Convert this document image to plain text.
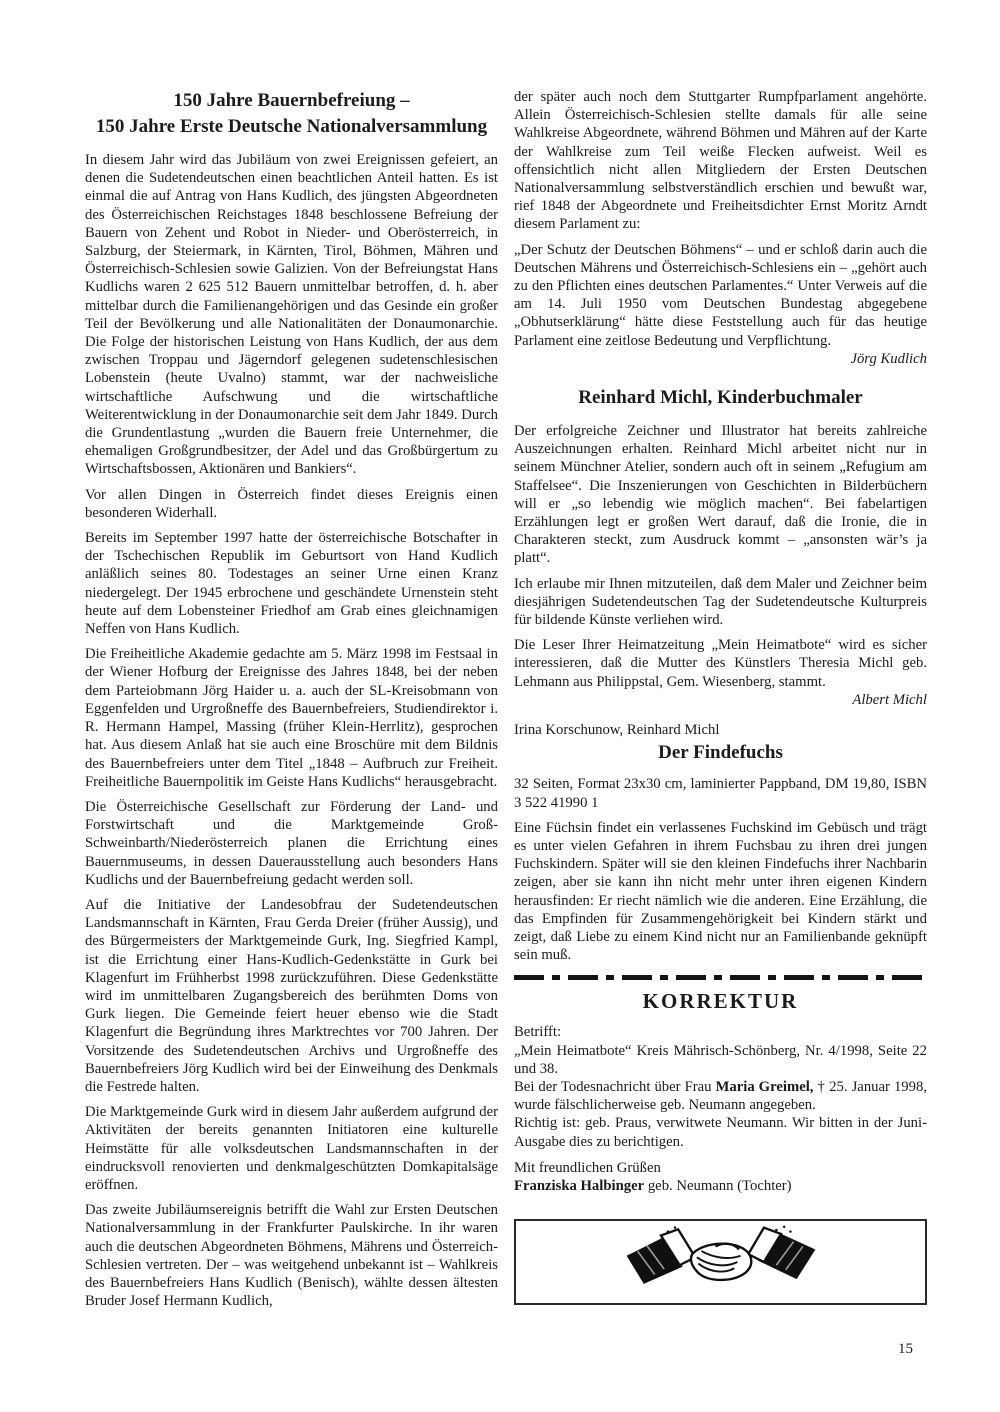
150 Jahre Bauernbefreiung –
150 Jahre Erste Deutsche Nationalversammlung

In diesem Jahr wird das Jubiläum von zwei Ereignissen gefeiert, an denen die Sudetendeutschen einen beachtlichen Anteil hatten. Es ist einmal die auf Antrag von Hans Kudlich, des jüngsten Abgeordneten des Österreichischen Reichstages 1848 beschlossene Befreiung der Bauern von Zehent und Robot in Nieder- und Oberösterreich, in Salzburg, der Steiermark, in Kärnten, Tirol, Böhmen, Mähren und Österreichisch-Schlesien sowie Galizien. Von der Befreiungstat Hans Kudlichs waren 2 625 512 Bauern unmittelbar betroffen, d. h. aber mittelbar durch die Familienangehörigen und das Gesinde ein großer Teil der Bevölkerung und alle Nationalitäten der Donaumonarchie. Die Folge der historischen Leistung von Hans Kudlich, der aus dem zwischen Troppau und Jägerndorf gelegenen sudetenschlesischen Lobenstein (heute Uvalno) stammt, war der nachweisliche wirtschaftliche Aufschwung und die wirtschaftliche Weiterentwicklung in der Donaumonarchie seit dem Jahr 1849. Durch die Grundentlastung „wurden die Bauern freie Unternehmer, die ehemaligen Großgrundbesitzer, der Adel und das Großbürgertum zu Wirtschaftsbossen, Aktionären und Bankiers“.

Vor allen Dingen in Österreich findet dieses Ereignis einen besonderen Widerhall.

Bereits im September 1997 hatte der österreichische Botschafter in der Tschechischen Republik im Geburtsort von Hand Kudlich anläßlich seines 80. Todestages an seiner Urne einen Kranz niedergelegt. Der 1945 erbrochene und geschändete Urnenstein steht heute auf dem Lobensteiner Friedhof am Grab eines gleichnamigen Neffen von Hans Kudlich.

Die Freiheitliche Akademie gedachte am 5. März 1998 im Festsaal in der Wiener Hofburg der Ereignisse des Jahres 1848, bei der neben dem Parteiobmann Jörg Haider u. a. auch der SL-Kreisobmann von Eggenfelden und Urgroßneffe des Bauernbefreiers, Studiendirektor i. R. Hermann Hampel, Massing (früher Klein-Herrlitz), gesprochen hat. Aus diesem Anlaß hat sie auch eine Broschüre mit dem Bildnis des Bauernbefreiers unter dem Titel „1848 – Aufbruch zur Freiheit. Freiheitliche Bauernpolitik im Geiste Hans Kudlichs“ herausgebracht.

Die Österreichische Gesellschaft zur Förderung der Land- und Forstwirtschaft und die Marktgemeinde Groß-Schweinbarth/Niederösterreich planen die Errichtung eines Bauernmuseums, in dessen Dauerausstellung auch besonders Hans Kudlichs und der Bauernbefreiung gedacht werden soll.

Auf die Initiative der Landesobfrau der Sudetendeutschen Landsmannschaft in Kärnten, Frau Gerda Dreier (früher Aussig), und des Bürgermeisters der Marktgemeinde Gurk, Ing. Siegfried Kampl, ist die Errichtung einer Hans-Kudlich-Gedenkstätte in Gurk bei Klagenfurt im Frühherbst 1998 zurückzuführen. Diese Gedenkstätte wird im unmittelbaren Zugangsbereich des berühmten Doms von Gurk liegen. Die Gemeinde feiert heuer ebenso wie die Stadt Klagenfurt die Begründung ihres Marktrechtes vor 700 Jahren. Der Vorsitzende des Sudetendeutschen Archivs und Urgroßneffe des Bauernbefreiers Jörg Kudlich wird bei der Einweihung des Denkmals die Festrede halten.

Die Marktgemeinde Gurk wird in diesem Jahr außerdem aufgrund der Aktivitäten der bereits genannten Initiatoren eine kulturelle Heimstätte für alle volksdeutschen Landsmannschaften in der eindrucksvoll renovierten und denkmalgeschützten Domkapitalsäge eröffnen.

Das zweite Jubiläumsereignis betrifft die Wahl zur Ersten Deutschen Nationalversammlung in der Frankfurter Paulskirche. In ihr waren auch die deutschen Abgeordneten Böhmens, Mährens und Österreich-Schlesien vertreten. Der – was weitgehend unbekannt ist – Wahlkreis des Bauernbefreiers Hans Kudlich (Benisch), wählte dessen ältesten Bruder Josef Hermann Kudlich,

der später auch noch dem Stuttgarter Rumpfparlament angehörte. Allein Österreichisch-Schlesien stellte damals für alle seine Wahlkreise Abgeordnete, während Böhmen und Mähren auf der Karte der Wahlkreise zum Teil weiße Flecken aufweist. Weil es offensichtlich nicht allen Mitgliedern der Ersten Deutschen Nationalversammlung selbstverständlich erschien und bewußt war, rief 1848 der Abgeordnete und Freiheitsdichter Ernst Moritz Arndt diesem Parlament zu:

„Der Schutz der Deutschen Böhmens“ – und er schloß darin auch die Deutschen Mährens und Österreichisch-Schlesiens ein – „gehört auch zu den Pflichten eines deutschen Parlamentes.“ Unter Verweis auf die am 14. Juli 1950 vom Deutschen Bundestag abgegebene „Obhutserklärung“ hätte diese Feststellung auch für das heutige Parlament eine zeitlose Bedeutung und Verpflichtung.

Jörg Kudlich
Reinhard Michl, Kinderbuchmaler

Der erfolgreiche Zeichner und Illustrator hat bereits zahlreiche Auszeichnungen erhalten. Reinhard Michl arbeitet nicht nur in seinem Münchner Atelier, sondern auch oft in seinem „Refugium am Staffelsee“. Die Inszenierungen von Geschichten in Bilderbüchern will er „so lebendig wie möglich machen“. Bei fabelartigen Erzählungen legt er großen Wert darauf, daß die Ironie, die in Charakteren steckt, zum Ausdruck kommt – „ansonsten wär’s ja platt“.

Ich erlaube mir Ihnen mitzuteilen, daß dem Maler und Zeichner beim diesjährigen Sudetendeutschen Tag der Sudetendeutsche Kulturpreis für bildende Künste verliehen wird.

Die Leser Ihrer Heimatzeitung „Mein Heimatbote“ wird es sicher interessieren, daß die Mutter des Künstlers Theresia Michl geb. Lehmann aus Philippstal, Gem. Wiesenberg, stammt.

Albert Michl

Irina Korschunow, Reinhard Michl

Der Findefuchs

32 Seiten, Format 23x30 cm, laminierter Pappband, DM 19,80, ISBN 3 522 41990 1

Eine Füchsin findet ein verlassenes Fuchskind im Gebüsch und trägt es unter vielen Gefahren in ihrem Fuchsbau zu ihren drei jungen Fuchskindern. Später will sie den kleinen Findefuchs ihrer Nachbarin zeigen, aber sie kann ihn nicht mehr unter ihren eigenen Kindern herausfinden: Er riecht nämlich wie die anderen. Eine Erzählung, die das Empfinden für Zusammengehörigkeit bei Kindern stärkt und zeigt, daß Liebe zu einem Kind nicht nur an Familienbande geknüpft sein muß.

KORREKTUR

Betrifft:

„Mein Heimatbote“ Kreis Mährisch-Schönberg, Nr. 4/1998, Seite 22 und 38.

Bei der Todesnachricht über Frau Maria Greimel, † 25. Januar 1998, wurde fälschlicherweise geb. Neumann angegeben.

Richtig ist: geb. Praus, verwitwete Neumann. Wir bitten in der Juni-Ausgabe dies zu berichtigen.

Mit freundlichen Grüßen

Franziska Halbinger geb. Neumann (Tochter)

15
